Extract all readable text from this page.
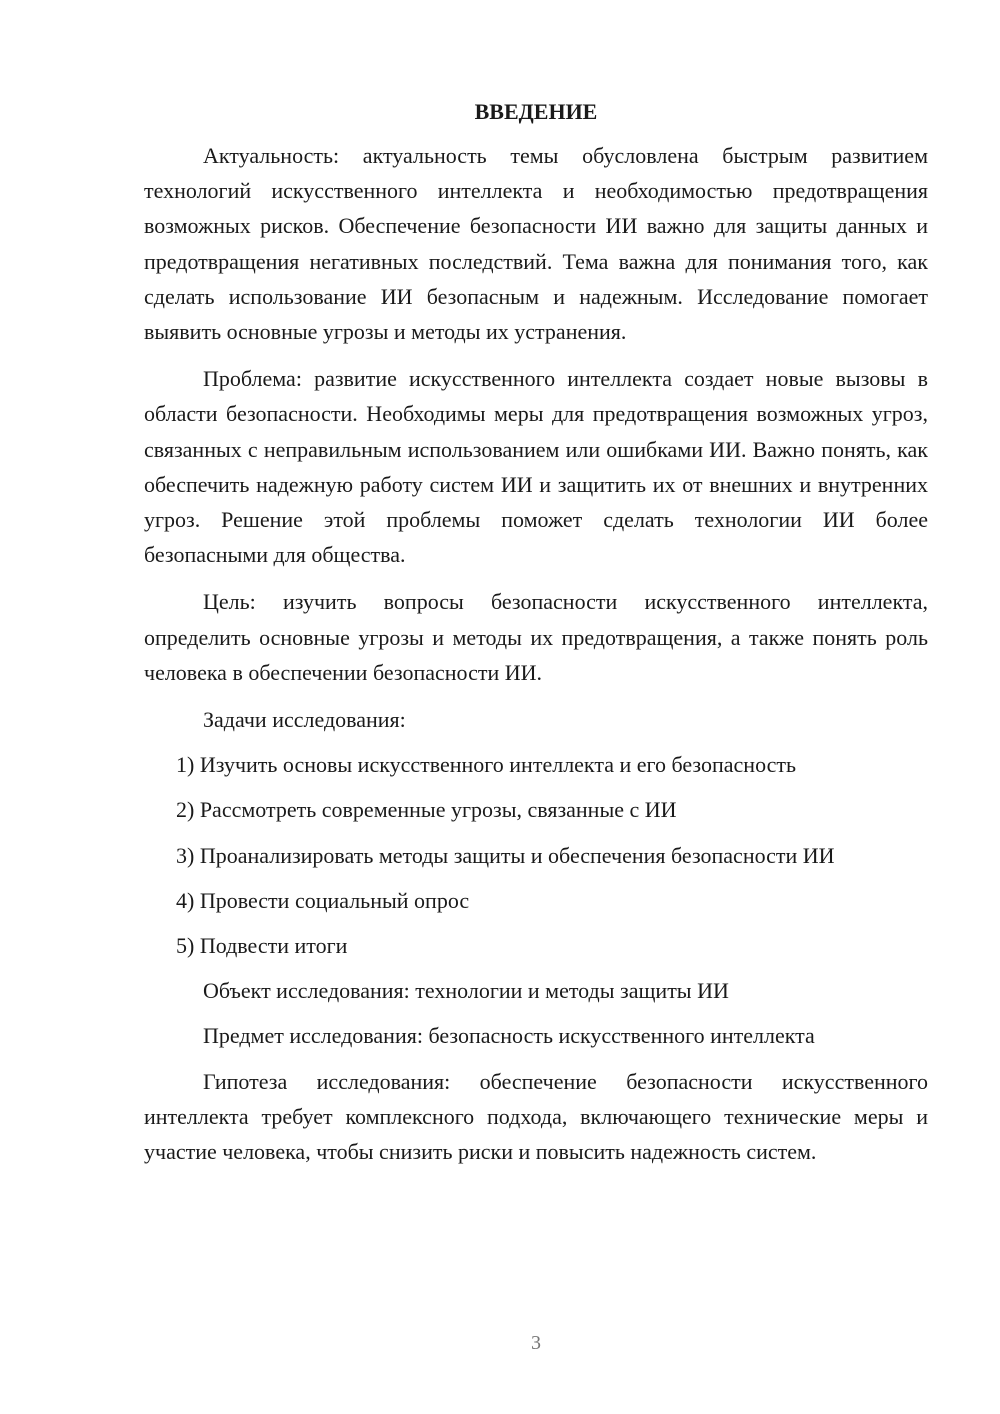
ВВЕДЕНИЕ

Актуальность: актуальность темы обусловлена быстрым развитием технологий искусственного интеллекта и необходимостью предотвращения возможных рисков. Обеспечение безопасности ИИ важно для защиты данных и предотвращения негативных последствий. Тема важна для понимания того, как сделать использование ИИ безопасным и надежным. Исследование помогает выявить основные угрозы и методы их устранения.

Проблема: развитие искусственного интеллекта создает новые вызовы в области безопасности. Необходимы меры для предотвращения возможных угроз, связанных с неправильным использованием или ошибками ИИ. Важно понять, как обеспечить надежную работу систем ИИ и защитить их от внешних и внутренних угроз. Решение этой проблемы поможет сделать технологии ИИ более безопасными для общества.

Цель: изучить вопросы безопасности искусственного интеллекта, определить основные угрозы и методы их предотвращения, а также понять роль человека в обеспечении безопасности ИИ.

Задачи исследования:
1) Изучить основы искусственного интеллекта и его безопасность
2) Рассмотреть современные угрозы, связанные с ИИ
3) Проанализировать методы защиты и обеспечения безопасности ИИ
4) Провести социальный опрос
5) Подвести итоги
Объект исследования: технологии и методы защиты ИИ
Предмет исследования: безопасность искусственного интеллекта

Гипотеза исследования: обеспечение безопасности искусственного интеллекта требует комплексного подхода, включающего технические меры и участие человека, чтобы снизить риски и повысить надежность систем.

3
